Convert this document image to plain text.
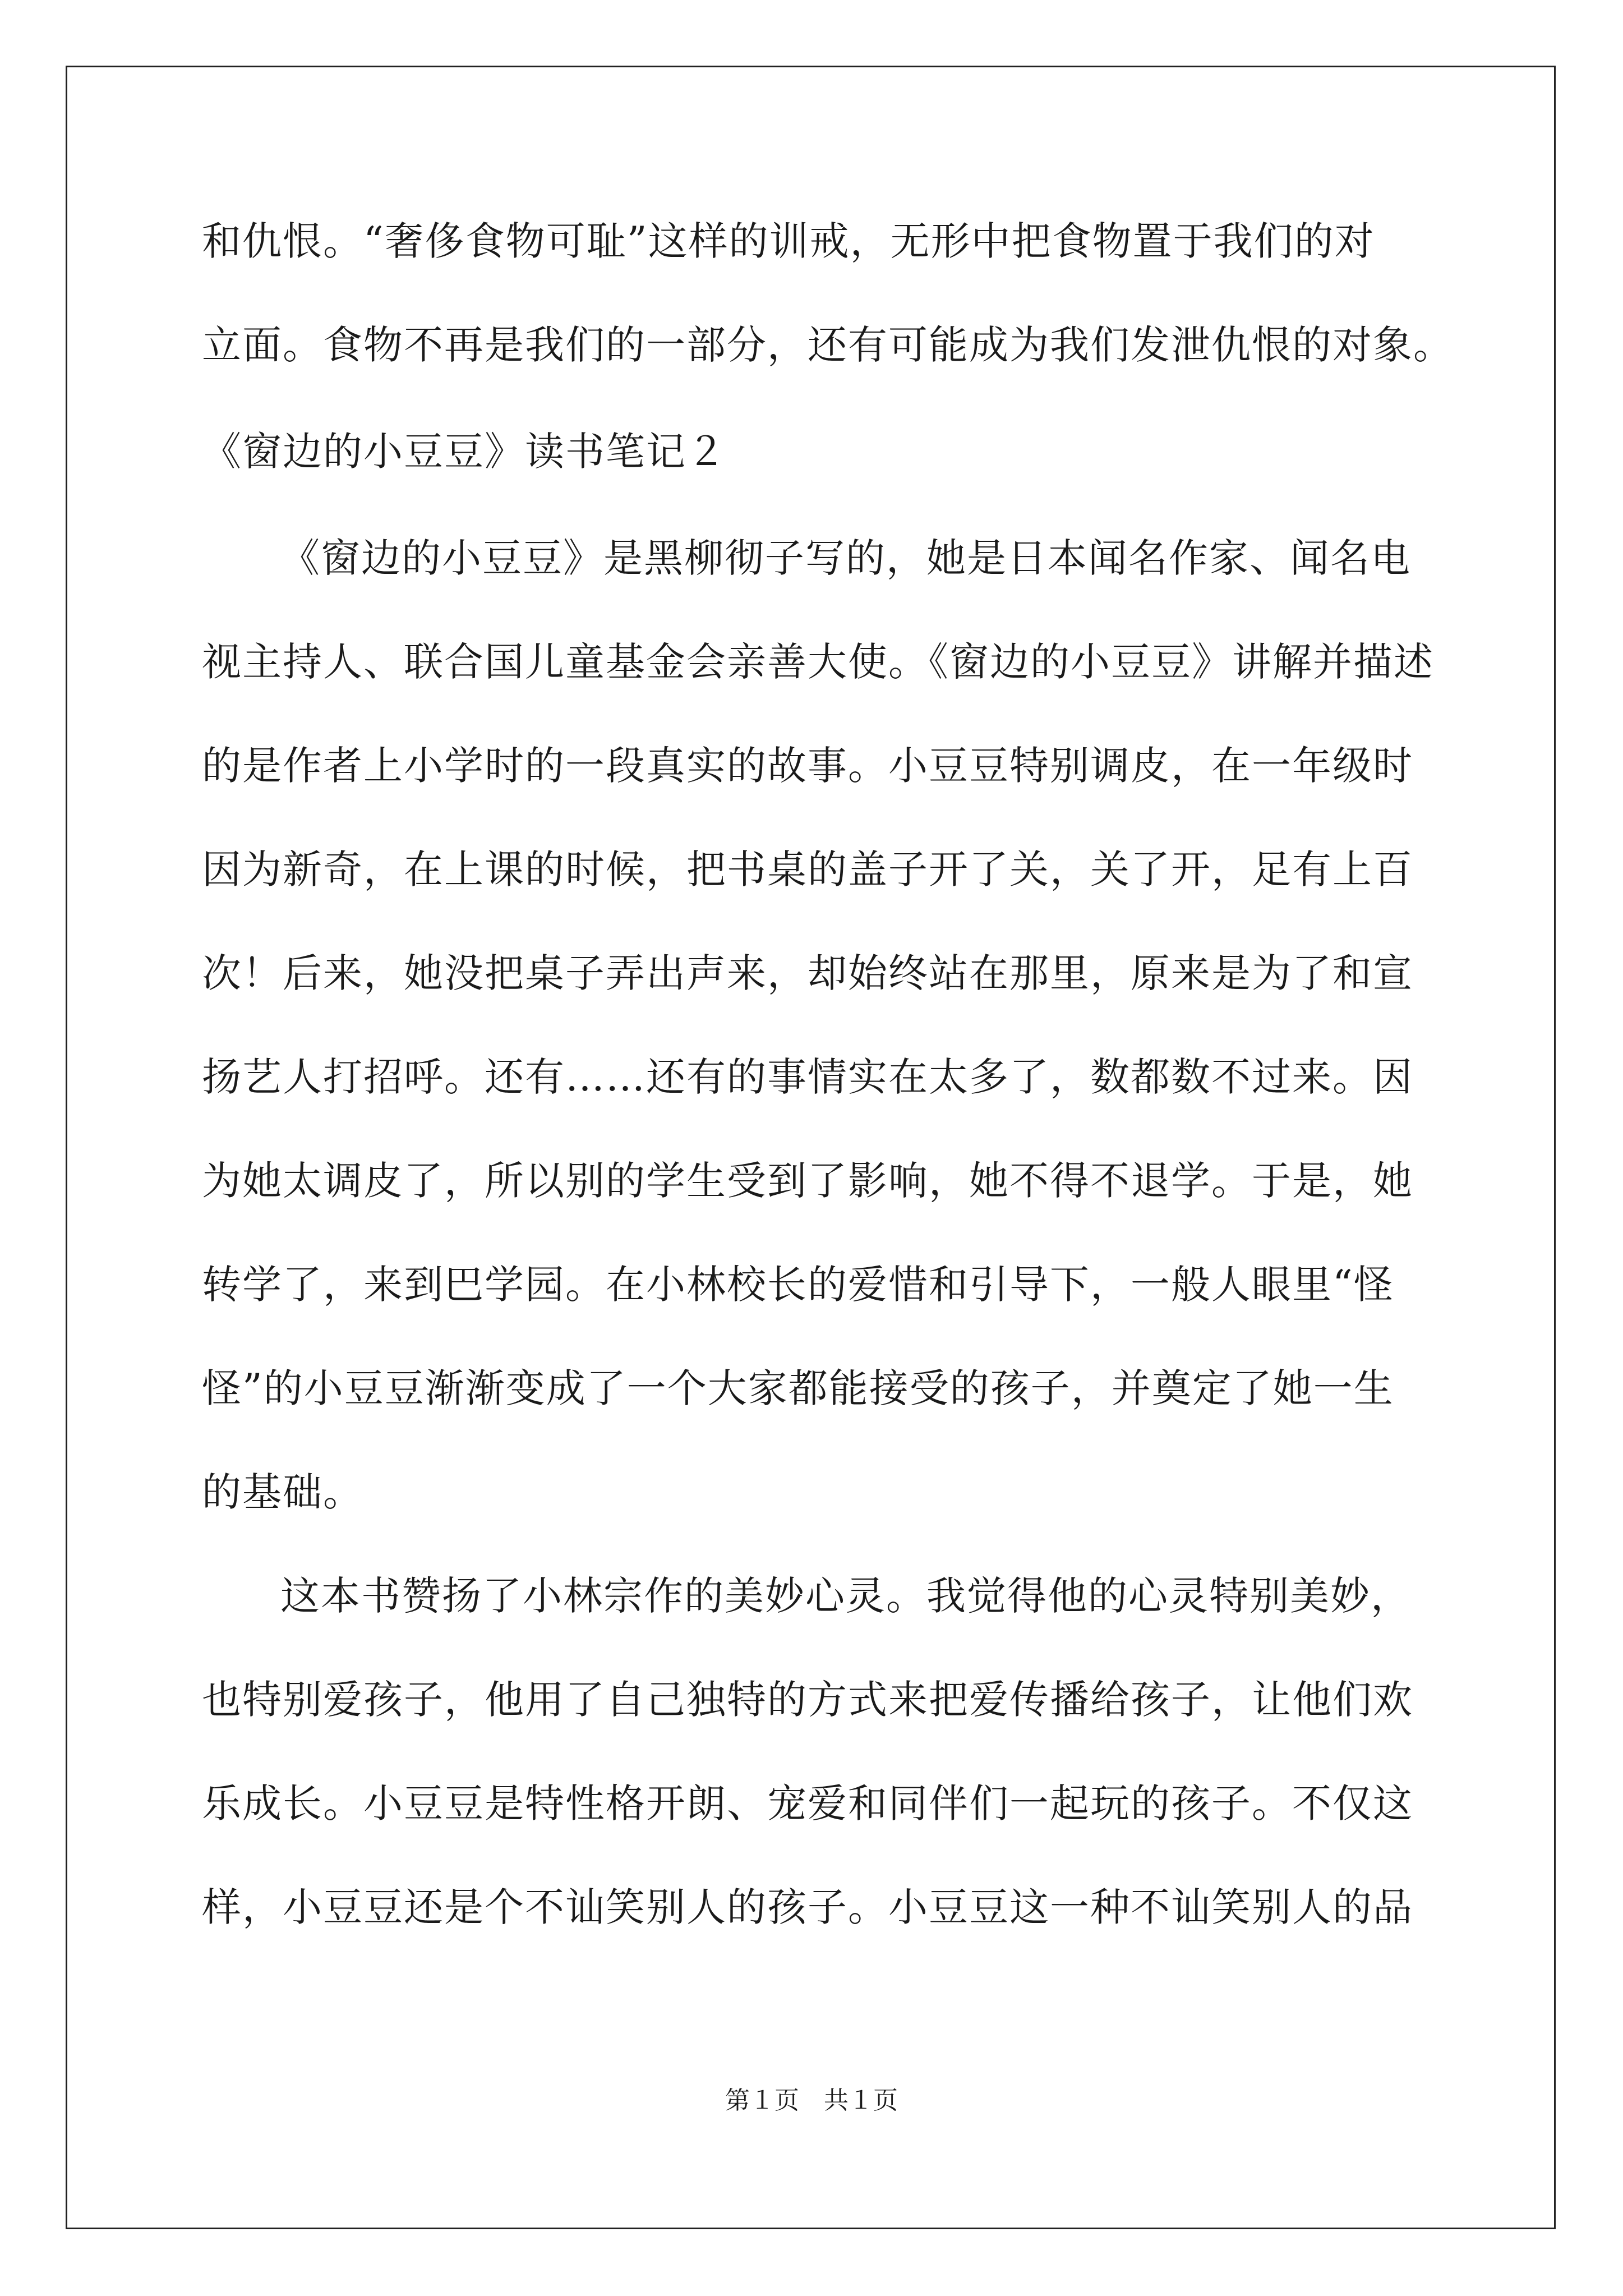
和仇恨。“奢侈食物可耻”这样的训戒，无形中把食物置于我们的对
立面。食物不再是我们的一部分，还有可能成为我们发泄仇恨的对象。
《窗边的小豆豆》读书笔记２
《窗边的小豆豆》是黑柳彻子写的，她是日本闻名作家、闻名电
视主持人、联合国儿童基金会亲善大使。《窗边的小豆豆》讲解并描述
的是作者上小学时的一段真实的故事。小豆豆特别调皮，在一年级时
因为新奇，在上课的时候，把书桌的盖子开了关，关了开，足有上百
次！后来，她没把桌子弄出声来，却始终站在那里，原来是为了和宣
扬艺人打招呼。还有……还有的事情实在太多了，数都数不过来。因
为她太调皮了，所以别的学生受到了影响，她不得不退学。于是，她
转学了，来到巴学园。在小林校长的爱惜和引导下，一般人眼里“怪
怪”的小豆豆渐渐变成了一个大家都能接受的孩子，并奠定了她一生
的基础。
这本书赞扬了小林宗作的美妙心灵。我觉得他的心灵特别美妙，
也特别爱孩子，他用了自己独特的方式来把爱传播给孩子，让他们欢
乐成长。小豆豆是特性格开朗、宠爱和同伴们一起玩的孩子。不仅这
样，小豆豆还是个不讪笑别人的孩子。小豆豆这一种不讪笑别人的品
第１页　共１页
